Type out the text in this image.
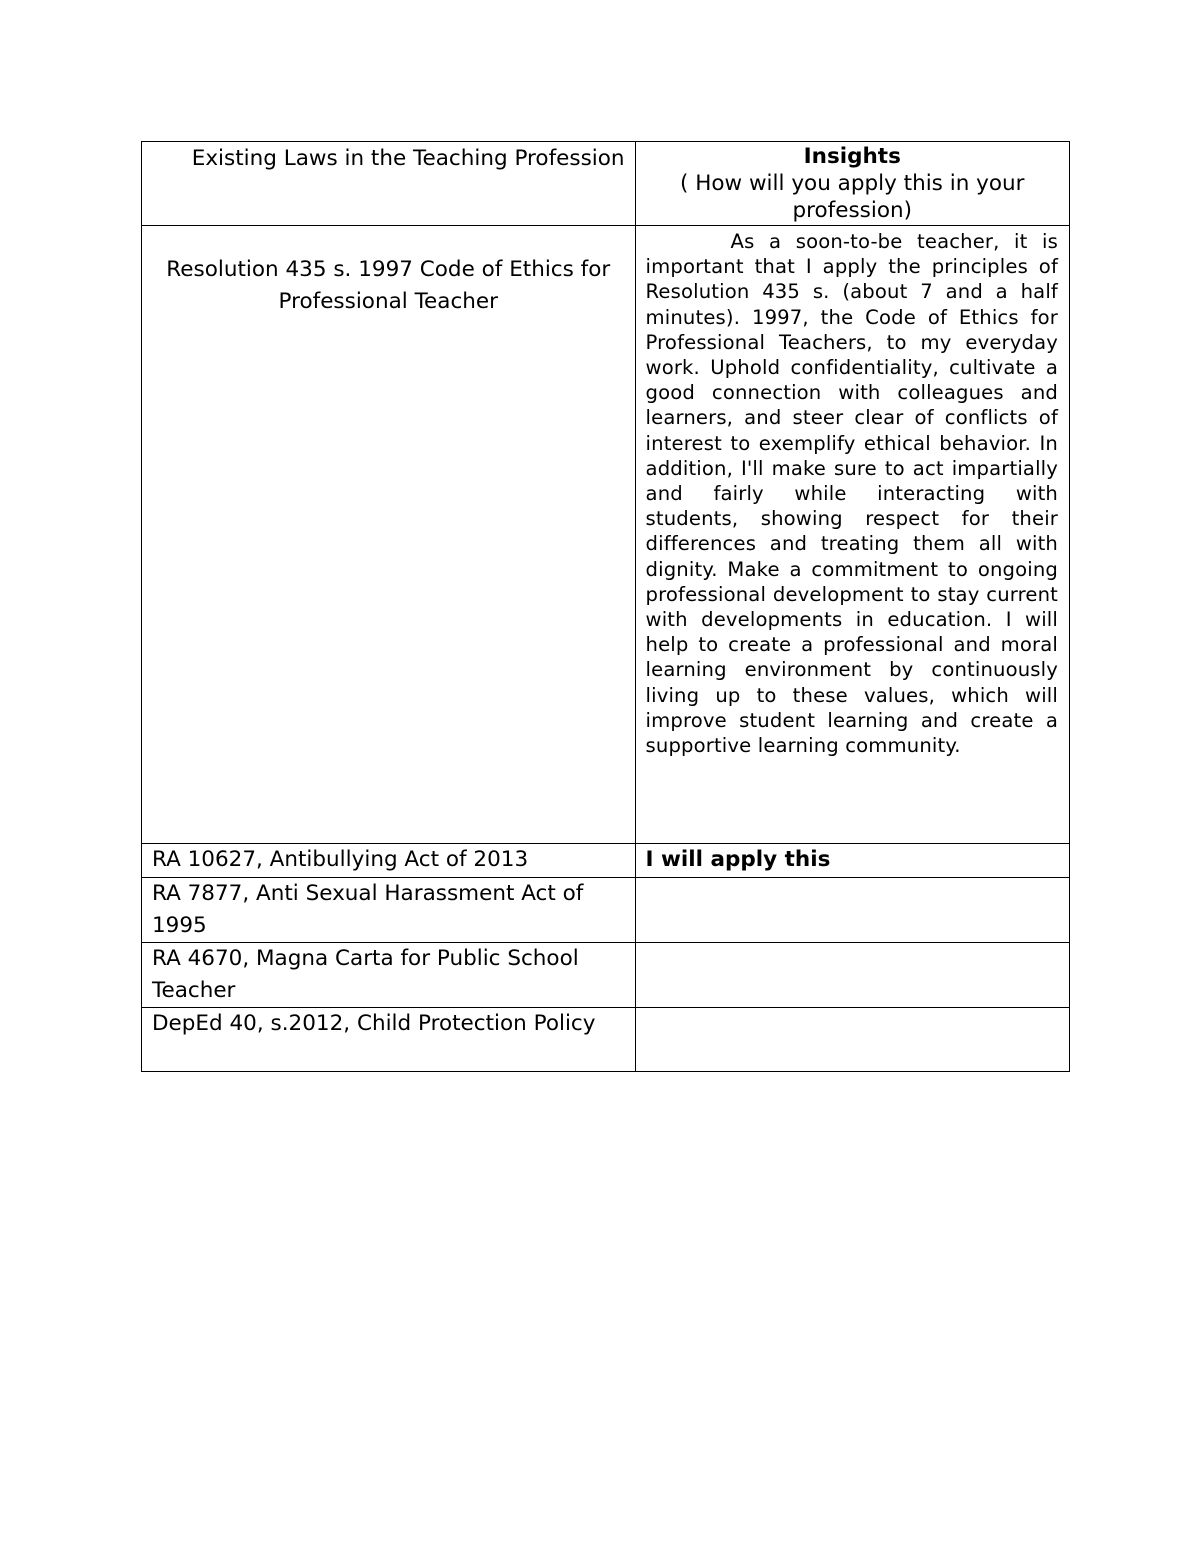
Existing Laws in the Teaching Profession	Insights
( How will you apply this in your profession)
Resolution 435 s. 1997 Code of Ethics for Professional Teacher	As a soon-to-be teacher, it is important that I apply the principles of Resolution 435 s. (about 7 and a half minutes). 1997, the Code of Ethics for Professional Teachers, to my everyday work. Uphold confidentiality, cultivate a good connection with colleagues and learners, and steer clear of conflicts of interest to exemplify ethical behavior. In addition, I'll make sure to act impartially and fairly while interacting with students, showing respect for their differences and treating them all with dignity. Make a commitment to ongoing professional development to stay current with developments in education. I will help to create a professional and moral learning environment by continuously living up to these values, which will improve student learning and create a supportive learning community.

RA 10627, Antibullying Act of 2013	I will apply this
RA 7877, Anti Sexual Harassment Act of 1995	
RA 4670, Magna Carta for Public School Teacher	
DepEd 40, s.2012, Child Protection Policy	
